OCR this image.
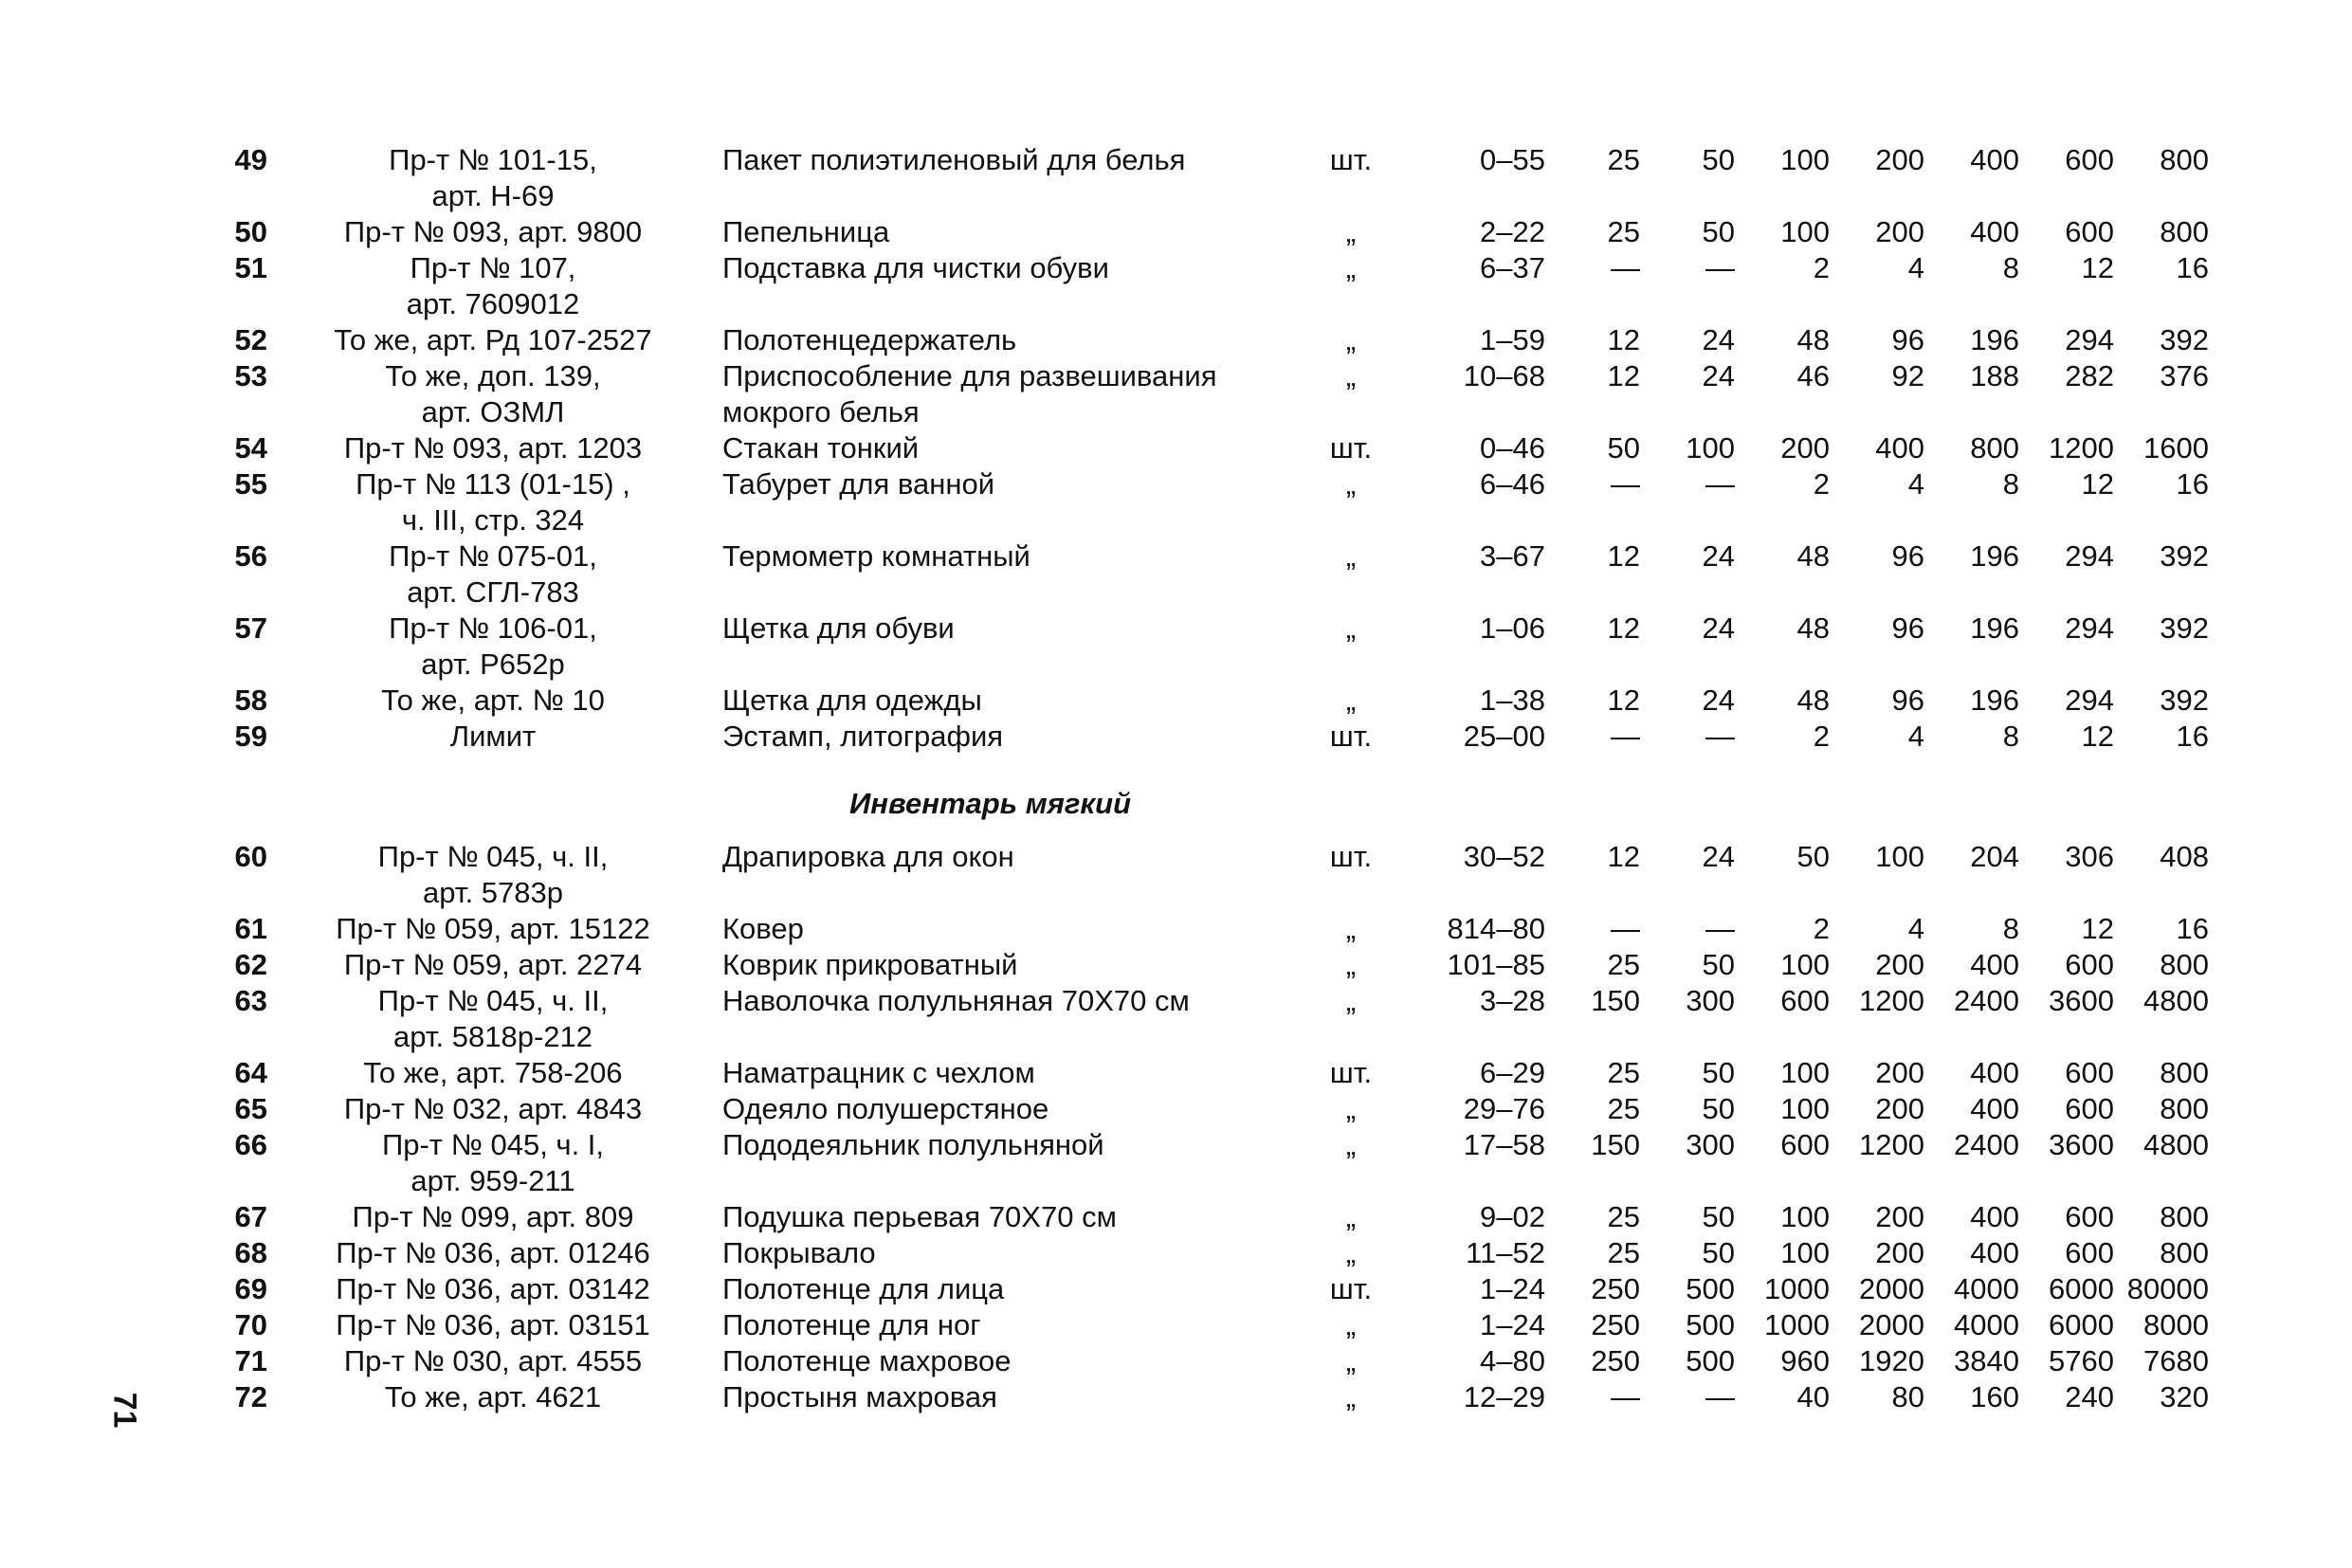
71
49	Пр-т № 101-15,
арт. Н-69
Пакет полиэтиленовый для белья	шт.	0–55	25	50	100	200	400	600	800
50	Пр-т № 093, арт. 9800	Пепельница	„	2–22	25	50	100	200	400	600	800
51	Пр-т № 107,
арт. 7609012
Подставка для чистки обуви	„	6–37	—	—	2	4	8	12	16
52	То же, арт. Рд 107-2527	Полотенцедержатель	„	1–59	12	24	48	96	196	294	392
53	То же, доп. 139,
арт. ОЗМЛ
Приспособление для развешивания
мокрого белья
„	10–68	12	24	46	92	188	282	376
54	Пр-т № 093, арт. 1203	Стакан тонкий	шт.	0–46	50	100	200	400	800	1200	1600
55	Пр-т № 113 (01-15) ,
ч. III, стр. 324
Табурет для ванной	„	6–46	—	—	2	4	8	12	16
56	Пр-т № 075-01,
арт. СГЛ-783
Термометр комнатный	„	3–67	12	24	48	96	196	294	392
57	Пр-т № 106-01,
арт. Р652р
Щетка для обуви	„	1–06	12	24	48	96	196	294	392
58	То же, арт. № 10	Щетка для одежды	„	1–38	12	24	48	96	196	294	392
59	Лимит	Эстамп, литография	шт.	25–00	—	—	2	4	8	12	16
Инвентарь мягкий
60	Пр-т № 045, ч. II,
арт. 5783р
Драпировка для окон	шт.	30–52	12	24	50	100	204	306	408
61	Пр-т № 059, арт. 15122	Ковер	„	814–80	—	—	2	4	8	12	16
62	Пр-т № 059, арт. 2274	Коврик прикроватный	„	101–85	25	50	100	200	400	600	800
63	Пр-т № 045, ч. II,
арт. 5818р-212
Наволочка полульняная 70Х70 см	„	3–28	150	300	600	1200	2400	3600	4800
64	То же, арт. 758-206	Наматрацник с чехлом	шт.	6–29	25	50	100	200	400	600	800
65	Пр-т № 032, арт. 4843	Одеяло полушерстяное	„	29–76	25	50	100	200	400	600	800
66	Пр-т № 045, ч. I,
арт. 959-211
Пододеяльник полульняной	„	17–58	150	300	600	1200	2400	3600	4800
67	Пр-т № 099, арт. 809	Подушка перьевая 70Х70 см	„	9–02	25	50	100	200	400	600	800
68	Пр-т № 036, арт. 01246	Покрывало	„	11–52	25	50	100	200	400	600	800
69	Пр-т № 036, арт. 03142	Полотенце для лица	шт.	1–24	250	500	1000	2000	4000	6000 80000
70	Пр-т № 036, арт. 03151	Полотенце для ног	„	1–24	250	500	1000	2000	4000	6000	8000
71	Пр-т № 030, арт. 4555	Полотенце махровое	„	4–80	250	500	960	1920	3840	5760	7680
72	То же, арт. 4621	Простыня махровая	„	12–29	—	—	40	80	160	240	320
